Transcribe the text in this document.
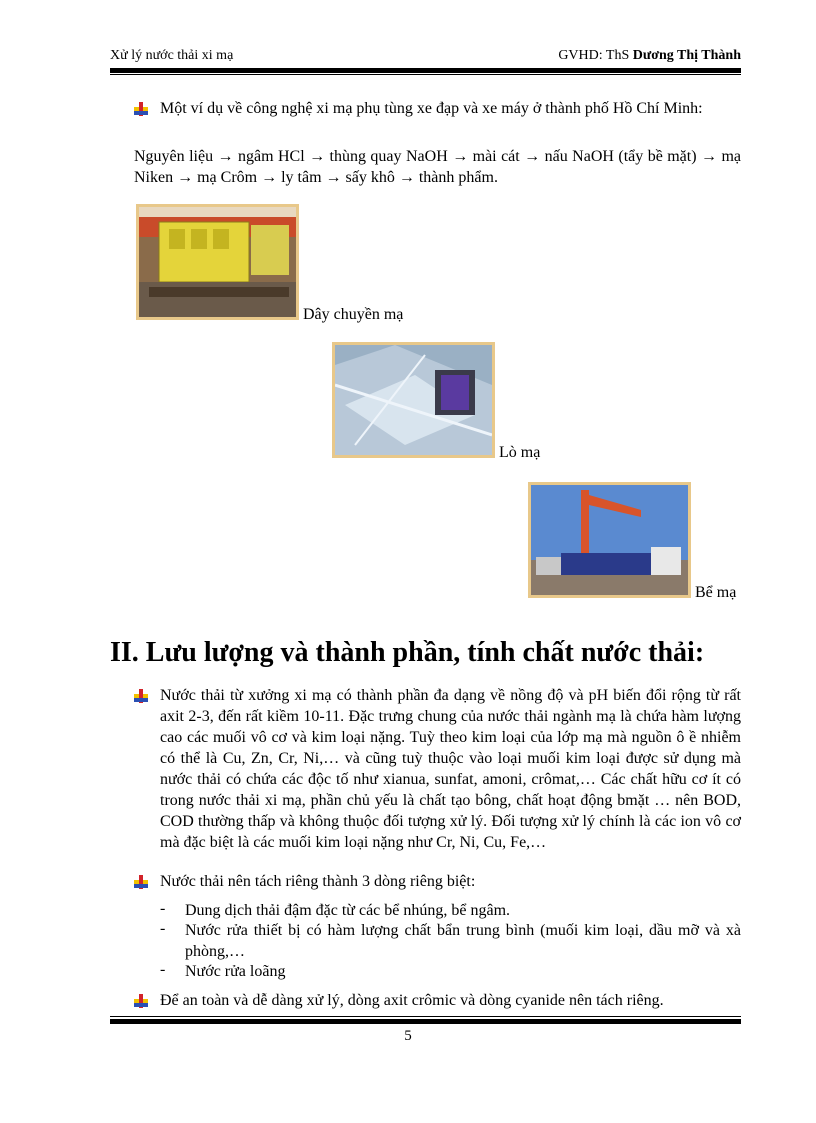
Xử lý nước thải xi mạ	GVHD: ThS Dương Thị Thành
Một ví dụ về công nghệ xi mạ phụ tùng xe đạp và xe máy ở thành phố Hồ Chí Minh:
Nguyên liệu → ngâm HCl → thùng quay NaOH → mài cát → nấu NaOH (tẩy bề mặt) → mạ Niken → mạ Crôm → ly tâm → sấy khô → thành phẩm.
Dây chuyền mạ
Lò mạ
Bể mạ
II. Lưu lượng và thành phần, tính chất nước thải:
Nước thải từ xưởng xi mạ có thành phần đa dạng về nồng độ và pH biến đổi rộng từ rất axit 2-3, đến rất kiềm 10-11. Đặc trưng chung của nước thải ngành mạ là chứa hàm lượng cao các muối vô cơ và kim loại nặng. Tuỳ theo kim loại của lớp mạ mà nguồn ô ề nhiễm có thể là Cu, Zn, Cr, Ni,… và cũng tuỳ thuộc vào loại muối kim loại được sử dụng mà nước thải có chứa các độc tố như xianua, sunfat, amoni, crômat,… Các chất hữu cơ ít có trong nước thải xi mạ, phần chủ yếu là chất tạo bông, chất hoạt động bmặt … nên BOD, COD thường thấp và không thuộc đối tượng xử lý. Đối tượng xử lý chính là các ion vô cơ mà đặc biệt là các muối kim loại nặng như Cr, Ni, Cu, Fe,…
Nước thải nên tách riêng thành 3 dòng riêng biệt:
- Dung dịch thải đậm đặc từ các bể nhúng, bể ngâm.
- Nước rửa thiết bị có hàm lượng chất bẩn trung bình (muối kim loại, dầu mỡ và xà phòng,…
- Nước rửa loãng
Để an toàn và dễ dàng xử lý, dòng axit crômic và dòng cyanide nên tách riêng.
5
